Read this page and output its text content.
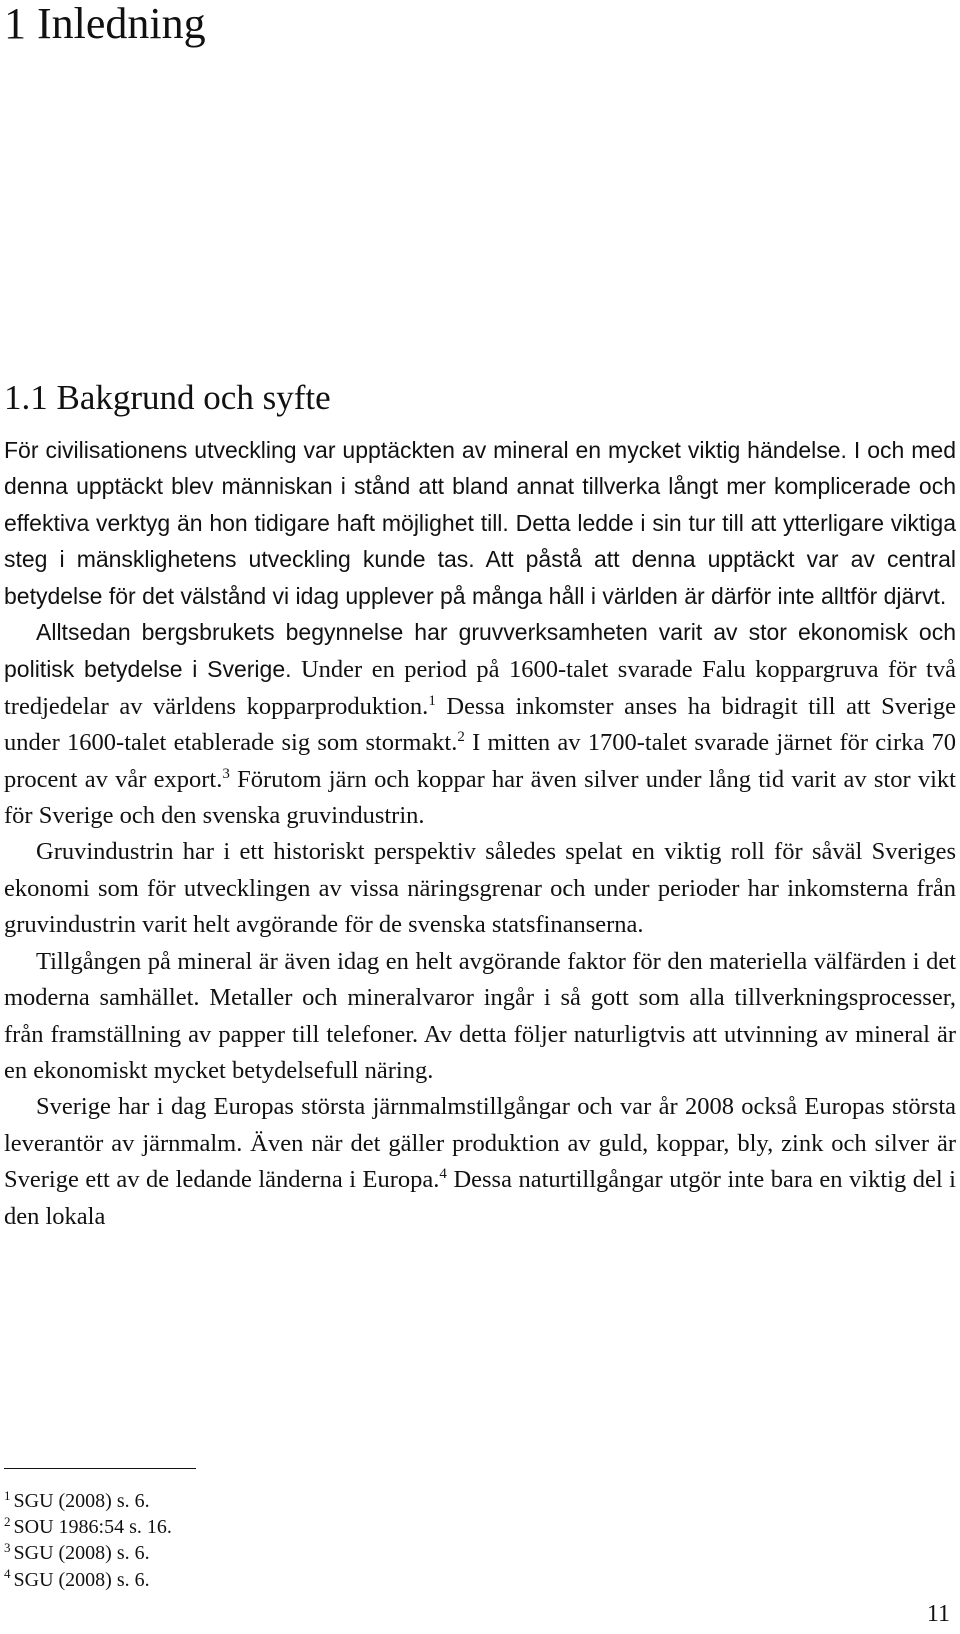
1 Inledning
1.1 Bakgrund och syfte

För civilisationens utveckling var upptäckten av mineral en mycket viktig händelse. I och med denna upptäckt blev människan i stånd att bland annat tillverka långt mer komplicerade och effektiva verktyg än hon tidigare haft möjlighet till. Detta ledde i sin tur till att ytterligare viktiga steg i mänsklighetens utveckling kunde tas. Att påstå att denna upptäckt var av central betydelse för det välstånd vi idag upplever på många håll i världen är därför inte alltför djärvt.

Alltsedan bergsbrukets begynnelse har gruvverksamheten varit av stor ekonomisk och politisk betydelse i Sverige. Under en period på 1600-talet svarade Falu koppargruva för två tredjedelar av världens kopparproduktion.$^1$ Dessa inkomster anses ha bidragit till att Sverige under 1600-talet etablerade sig som stormakt.$^2$ I mitten av 1700-talet svarade järnet för cirka 70 procent av vår export.$^3$ Förutom järn och koppar har även silver under lång tid varit av stor vikt för Sverige och den svenska gruvindustrin.

Gruvindustrin har i ett historiskt perspektiv således spelat en viktig roll för såväl Sveriges ekonomi som för utvecklingen av vissa näringsgrenar och under perioder har inkomsterna från gruvindustrin varit helt avgörande för de svenska statsfinanserna.

Tillgången på mineral är även idag en helt avgörande faktor för den materiella välfärden i det moderna samhället. Metaller och mineralvaror ingår i så gott som alla tillverkningsprocesser, från framställning av papper till telefoner. Av detta följer naturligtvis att utvinning av mineral är en ekonomiskt mycket betydelsefull näring.

Sverige har i dag Europas största järnmalmstillgångar och var år 2008 också Europas största leverantör av järnmalm. Även när det gäller produktion av guld, koppar, bly, zink och silver är Sverige ett av de ledande länderna i Europa.$^4$ Dessa naturtillgångar utgör inte bara en viktig del i den lokala

$^1$ SGU (2008) s. 6.
$^2$ SOU 1986:54 s. 16.
$^3$ SGU (2008) s. 6.
$^4$ SGU (2008) s. 6.
11
